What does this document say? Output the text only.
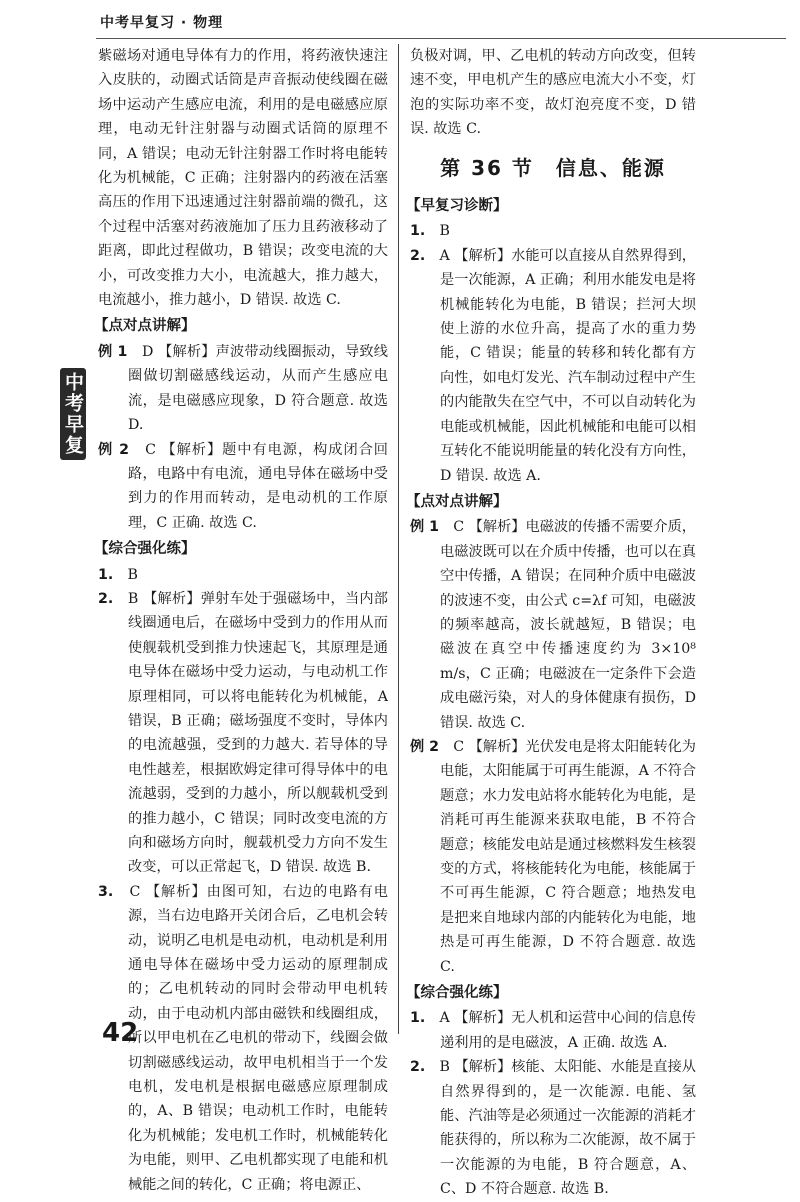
中考早复习 · 物理
中考早复习

紫磁场对通电导体有力的作用，将药液快速注入皮肤的，动圈式话筒是声音振动使线圈在磁场中运动产生感应电流，利用的是电磁感应原理，电动无针注射器与动圈式话筒的原理不同，A 错误；电动无针注射器工作时将电能转化为机械能，C 正确；注射器内的药液在活塞高压的作用下迅速通过注射器前端的微孔，这个过程中活塞对药液施加了压力且药液移动了距离，即此过程做功，B 错误；改变电流的大小，可改变推力大小，电流越大，推力越大，电流越小，推力越小，D 错误. 故选 C.

【点对点讲解】

例 1　 D 【解析】声波带动线圈振动，导致线圈做切割磁感线运动，从而产生感应电流，是电磁感应现象，D 符合题意. 故选 D.

例 2　 C 【解析】题中有电源，构成闭合回路，电路中有电流，通电导体在磁场中受到力的作用而转动，是电动机的工作原理，C 正确. 故选 C.

【综合强化练】

1.　 B

2.　 B 【解析】弹射车处于强磁场中，当内部线圈通电后，在磁场中受到力的作用从而使舰载机受到推力快速起飞，其原理是通电导体在磁场中受力运动，与电动机工作原理相同，可以将电能转化为机械能，A 错误，B 正确；磁场强度不变时，导体内的电流越强，受到的力越大. 若导体的导电性越差，根据欧姆定律可得导体中的电流越弱，受到的力越小，所以舰载机受到的推力越小，C 错误；同时改变电流的方向和磁场方向时，舰载机受力方向不发生改变，可以正常起飞，D 错误. 故选 B.

3.　 C 【解析】由图可知，右边的电路有电源，当右边电路开关闭合后，乙电机会转动，说明乙电机是电动机，电动机是利用通电导体在磁场中受力运动的原理制成的；乙电机转动的同时会带动甲电机转动，由于电动机内部由磁铁和线圈组成，所以甲电机在乙电机的带动下，线圈会做切割磁感线运动，故甲电机相当于一个发电机，发电机是根据电磁感应原理制成的，A、B 错误；电动机工作时，电能转化为机械能；发电机工作时，机械能转化为电能，则甲、乙电机都实现了电能和机械能之间的转化，C 正确；将电源正、

负极对调，甲、乙电机的转动方向改变，但转速不变，甲电机产生的感应电流大小不变，灯泡的实际功率不变，故灯泡亮度不变，D 错误. 故选 C.

第 36 节　信息、能源

【早复习诊断】

1.　 B

2.　 A 【解析】水能可以直接从自然界得到，是一次能源，A 正确；利用水能发电是将机械能转化为电能，B 错误；拦河大坝使上游的水位升高，提高了水的重力势能，C 错误；能量的转移和转化都有方向性，如电灯发光、汽车制动过程中产生的内能散失在空气中，不可以自动转化为电能或机械能，因此机械能和电能可以相互转化不能说明能量的转化没有方向性，D 错误. 故选 A.

【点对点讲解】

例 1　 C 【解析】电磁波的传播不需要介质，电磁波既可以在介质中传播，也可以在真空中传播，A 错误；在同种介质中电磁波的波速不变，由公式 c=λf 可知，电磁波的频率越高，波长就越短，B 错误；电磁波在真空中传播速度约为 3×10⁸ m/s，C 正确；电磁波在一定条件下会造成电磁污染，对人的身体健康有损伤，D 错误. 故选 C.

例 2　 C 【解析】光伏发电是将太阳能转化为电能，太阳能属于可再生能源，A 不符合题意；水力发电站将水能转化为电能，是消耗可再生能源来获取电能，B 不符合题意；核能发电站是通过核燃料发生核裂变的方式，将核能转化为电能，核能属于不可再生能源，C 符合题意；地热发电是把来自地球内部的内能转化为电能，地热是可再生能源，D 不符合题意. 故选 C.

【综合强化练】

1.　 A 【解析】无人机和运营中心间的信息传递利用的是电磁波，A 正确. 故选 A.

2.　 B 【解析】核能、太阳能、水能是直接从自然界得到的，是一次能源. 电能、氢能、汽油等是必须通过一次能源的消耗才能获得的，所以称为二次能源，故不属于一次能源的为电能，B 符合题意，A、C、D 不符合题意. 故选 B.

42
